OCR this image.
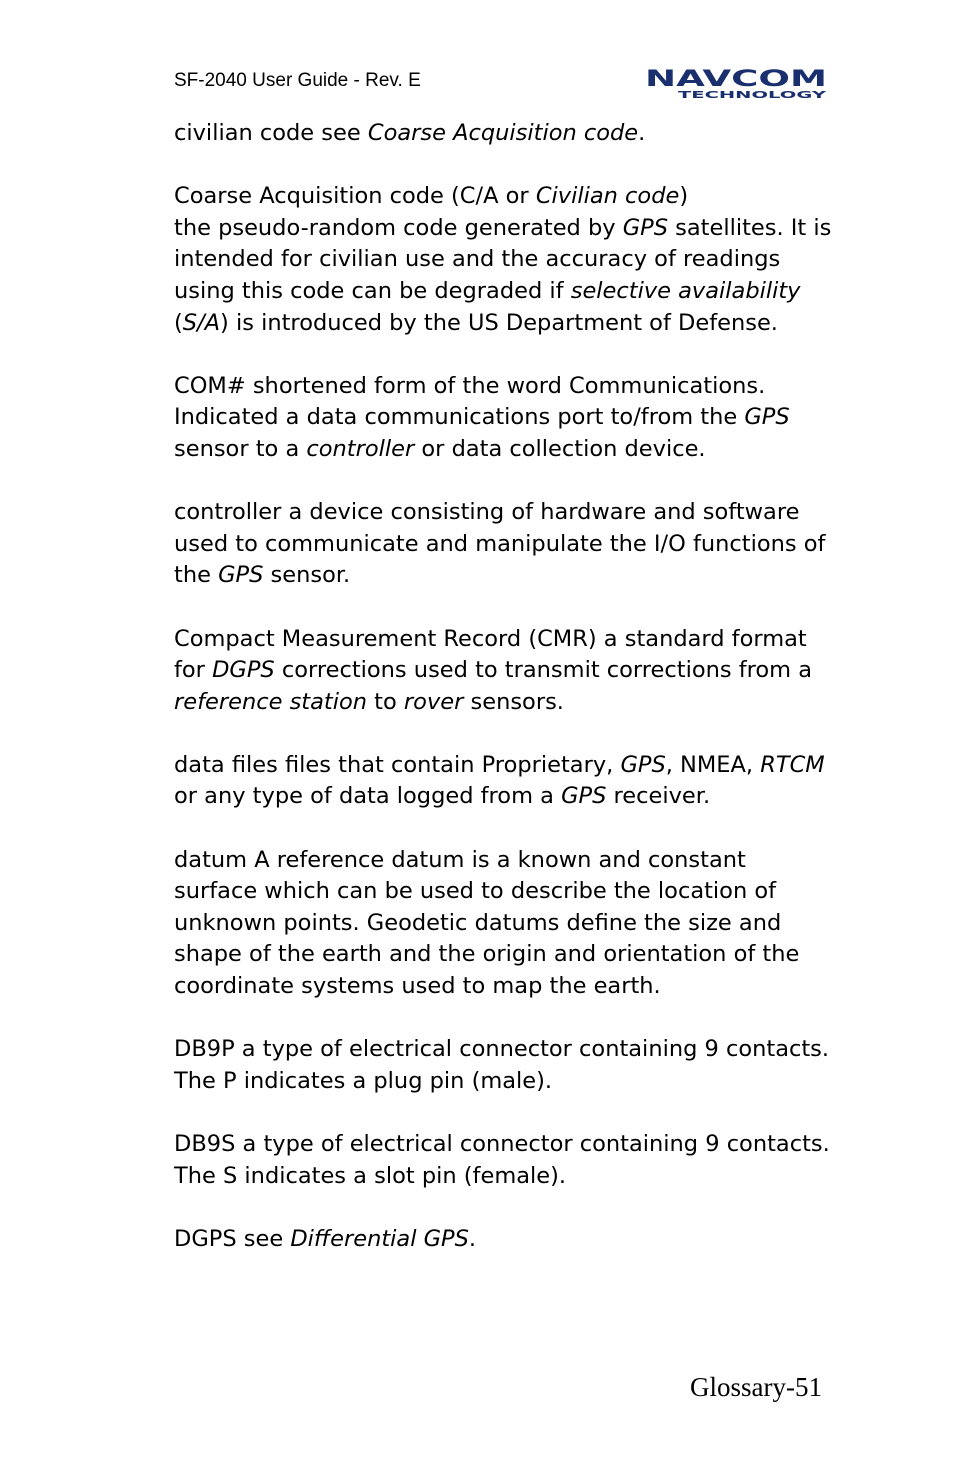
SF-2040 User Guide - Rev. E	NAVCOM
TECHNOLOGY

civilian code see Coarse Acquisition code.

Coarse Acquisition code (C/A or Civilian code)
the pseudo-random code generated by GPS satellites. It is intended for civilian use and the accuracy of readings using this code can be degraded if selective availability (S/A) is introduced by the US Department of Defense.

COM# shortened form of the word Communications. Indicated a data communications port to/from the GPS sensor to a controller or data collection device.

controller a device consisting of hardware and software used to communicate and manipulate the I/O functions of the GPS sensor.

Compact Measurement Record (CMR) a standard format for DGPS corrections used to transmit corrections from a reference station to rover sensors.

data files files that contain Proprietary, GPS, NMEA, RTCM or any type of data logged from a GPS receiver.

datum A reference datum is a known and constant surface which can be used to describe the location of unknown points. Geodetic datums define the size and shape of the earth and the origin and orientation of the coordinate systems used to map the earth.

DB9P a type of electrical connector containing 9 contacts. The P indicates a plug pin (male).

DB9S a type of electrical connector containing 9 contacts. The S indicates a slot pin (female).

DGPS see Differential GPS.

Glossary-51
